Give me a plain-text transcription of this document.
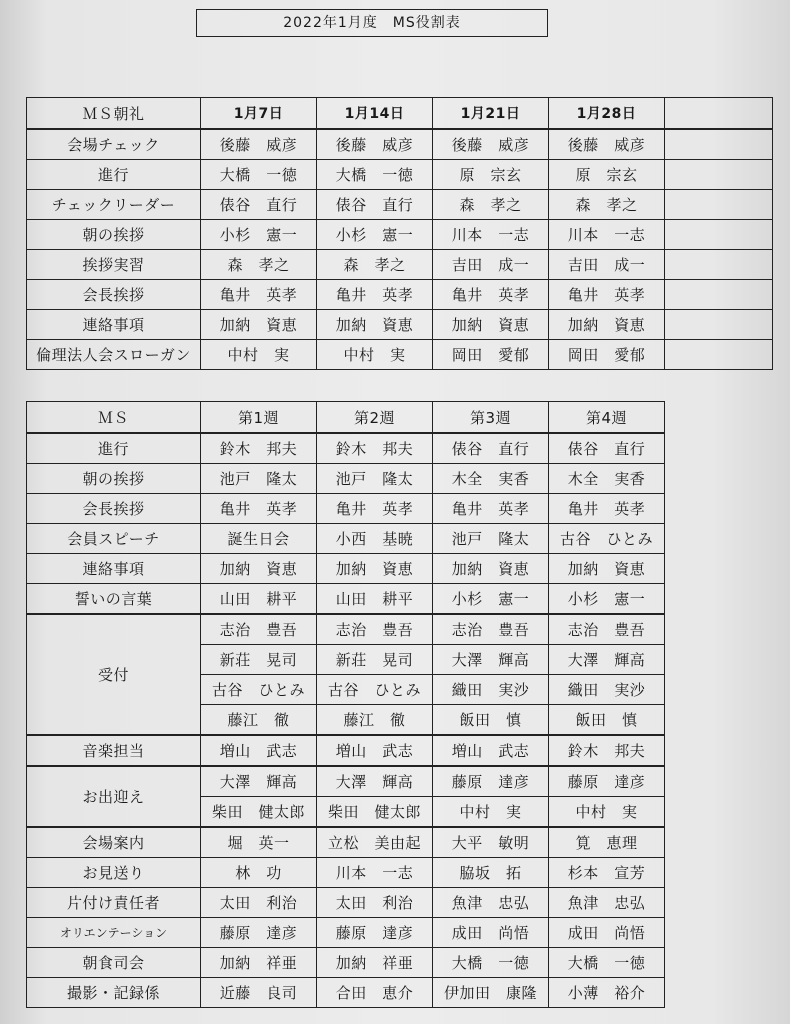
2022年1月度　MS役割表
ＭＳ朝礼	1月7日	1月14日	1月21日	1月28日	
会場チェック	後藤　威彦	後藤　威彦	後藤　威彦	後藤　威彦	
進行	大橋　一徳	大橋　一徳	原　宗玄	原　宗玄	
チェックリーダー	俵谷　直行	俵谷　直行	森　孝之	森　孝之	
朝の挨拶	小杉　憲一	小杉　憲一	川本　一志	川本　一志	
挨拶実習	森　孝之	森　孝之	吉田　成一	吉田　成一	
会長挨拶	亀井　英孝	亀井　英孝	亀井　英孝	亀井　英孝	
連絡事項	加納　資恵	加納　資恵	加納　資恵	加納　資恵	
倫理法人会スローガン	中村　実	中村　実	岡田　愛郁	岡田　愛郁	
ＭＳ	第1週	第2週	第3週	第4週	
進行	鈴木　邦夫	鈴木　邦夫	俵谷　直行	俵谷　直行	
朝の挨拶	池戸　隆太	池戸　隆太	木全　実香	木全　実香	
会長挨拶	亀井　英孝	亀井　英孝	亀井　英孝	亀井　英孝	
会員スピーチ	誕生日会	小西　基暁	池戸　隆太	古谷　ひとみ	
連絡事項	加納　資恵	加納　資恵	加納　資恵	加納　資恵	
誓いの言葉	山田　耕平	山田　耕平	小杉　憲一	小杉　憲一	
受付	志治　豊吾	志治　豊吾	志治　豊吾	志治　豊吾	
	新荘　晃司	新荘　晃司	大澤　輝高	大澤　輝高	
	古谷　ひとみ	古谷　ひとみ	織田　実沙	織田　実沙	
	藤江　徹	藤江　徹	飯田　慎	飯田　慎	
音楽担当	増山　武志	増山　武志	増山　武志	鈴木　邦夫	
お出迎え	大澤　輝高	大澤　輝高	藤原　達彦	藤原　達彦	
	柴田　健太郎	柴田　健太郎	中村　実	中村　実	
会場案内	堀　英一	立松　美由起	大平　敏明	筧　恵理	
お見送り	林　功	川本　一志	脇坂　拓	杉本　宣芳	
片付け責任者	太田　利治	太田　利治	魚津　忠弘	魚津　忠弘	
オリエンテーション	藤原　達彦	藤原　達彦	成田　尚悟	成田　尚悟	
朝食司会	加納　祥亜	加納　祥亜	大橋　一徳	大橋　一徳	
撮影・記録係	近藤　良司	合田　恵介	伊加田　康隆	小薄　裕介	
